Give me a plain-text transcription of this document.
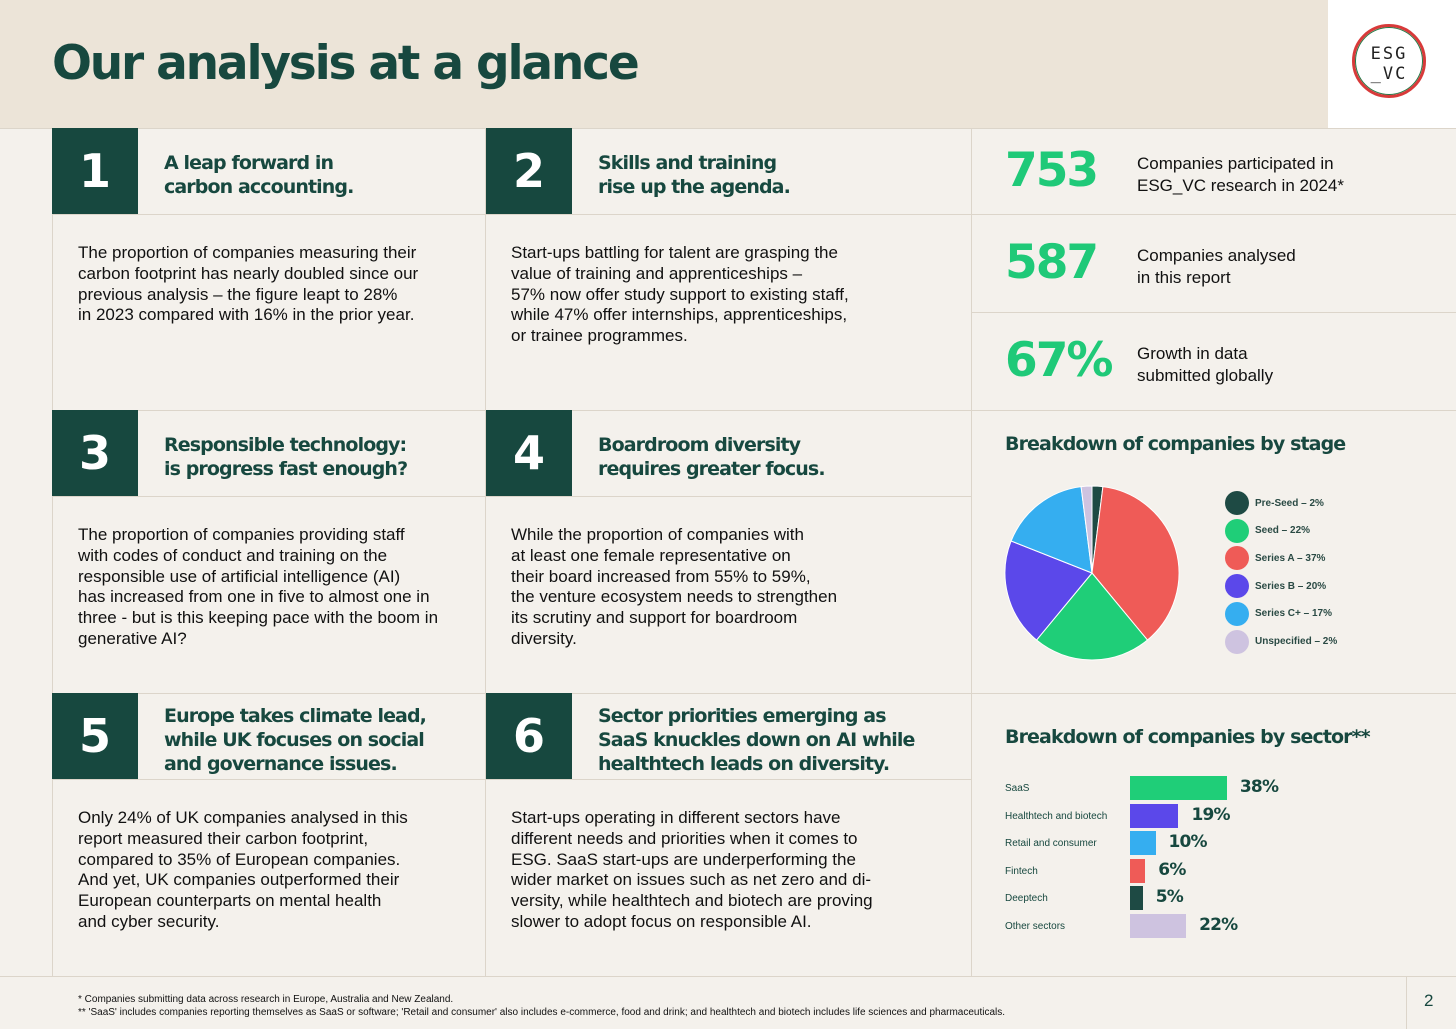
Our analysis at a glance	ESG
_VC
1	A leap forward in
carbon accounting.
The proportion of companies measuring their
carbon footprint has nearly doubled since our
previous analysis – the figure leapt to 28%
in 2023 compared with 16% in the prior year.
2	Skills and training
rise up the agenda.
Start-ups battling for talent are grasping the
value of training and apprenticeships –
57% now offer study support to existing staff,
while 47% offer internships, apprenticeships,
or trainee programmes.
3	Responsible technology:
is progress fast enough?
The proportion of companies providing staff
with codes of conduct and training on the
responsible use of artificial intelligence (AI)
has increased from one in five to almost one in
three - but is this keeping pace with the boom in
generative AI?
4	Boardroom diversity
requires greater focus.
While the proportion of companies with
at least one female representative on
their board increased from 55% to 59%,
the venture ecosystem needs to strengthen
its scrutiny and support for boardroom
diversity.
5	Europe takes climate lead,
while UK focuses on social
and governance issues.
Only 24% of UK companies analysed in this
report measured their carbon footprint,
compared to 35% of European companies.
And yet, UK companies outperformed their
European counterparts on mental health
and cyber security.
6	Sector priorities emerging as
SaaS knuckles down on AI while
healthtech leads on diversity.
Start-ups operating in different sectors have
different needs and priorities when it comes to
ESG. SaaS start-ups are underperforming the
wider market on issues such as net zero and di-
versity, while healthtech and biotech are proving
slower to adopt focus on responsible AI.
753 Companies participated in
ESG_VC research in 2024*
587 Companies analysed
in this report
67% Growth in data
submitted globally
Breakdown of companies by stage
Pre-Seed – 2%
Seed – 22%
Series A – 37%
Series B – 20%
Series C+ – 17%
Unspecified – 2%
Breakdown of companies by sector**
SaaS	38%
Healthtech and biotech	19%
Retail and consumer	10%
Fintech	6%
Deeptech	5%
Other sectors	22%
* Companies submitting data across research in Europe, Australia and New Zealand.
** 'SaaS' includes companies reporting themselves as SaaS or software; 'Retail and consumer' also includes e-commerce, food and drink; and healthtech and biotech includes life sciences and pharmaceuticals.
2
